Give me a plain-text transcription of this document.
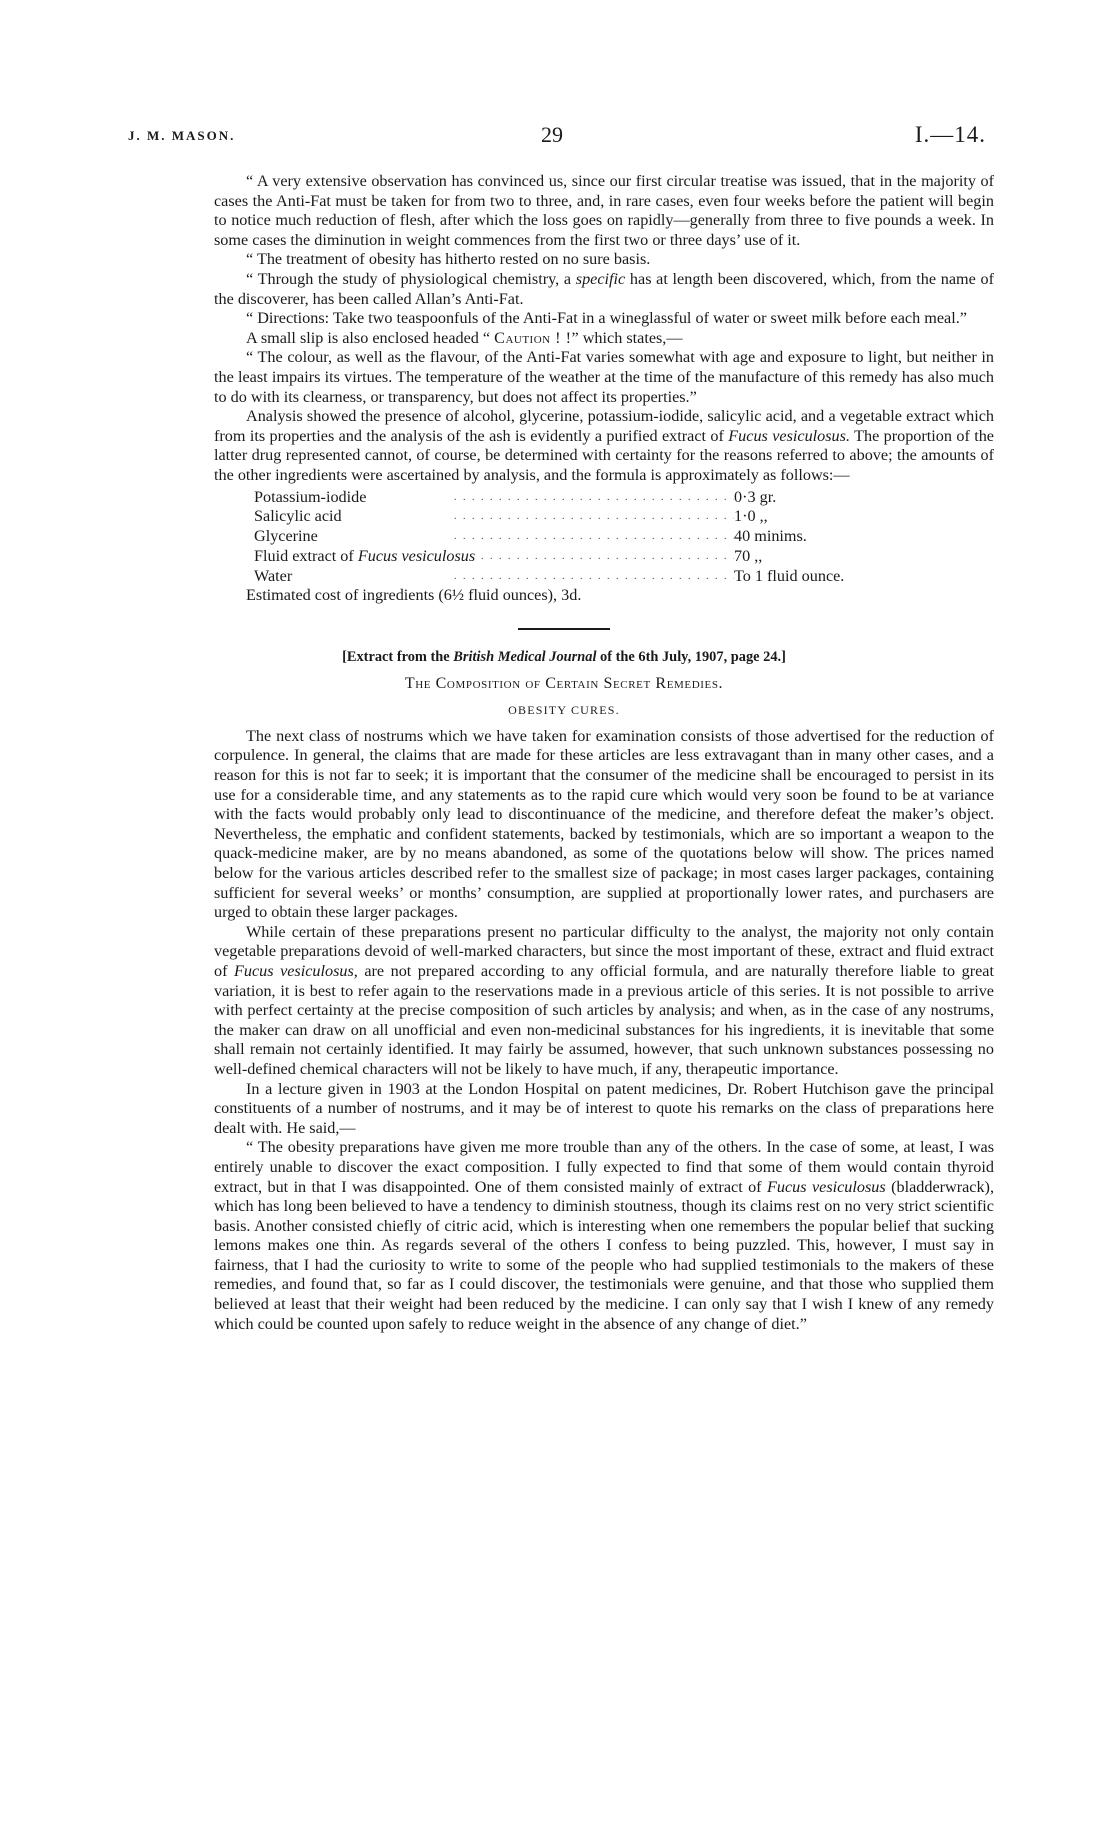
J. M. MASON.	29	I.—14.

“ A very extensive observation has convinced us, since our first circular treatise was issued, that in the majority of cases the Anti-Fat must be taken for from two to three, and, in rare cases, even four weeks before the patient will begin to notice much reduction of flesh, after which the loss goes on rapidly—generally from three to five pounds a week. In some cases the diminution in weight commences from the first two or three days’ use of it.

“ The treatment of obesity has hitherto rested on no sure basis.

“ Through the study of physiological chemistry, a specific has at length been discovered, which, from the name of the discoverer, has been called Allan’s Anti-Fat.

“ Directions: Take two teaspoonfuls of the Anti-Fat in a wineglassful of water or sweet milk before each meal.”

A small slip is also enclosed headed “ Caution ! !” which states,—

“ The colour, as well as the flavour, of the Anti-Fat varies somewhat with age and exposure to light, but neither in the least impairs its virtues. The temperature of the weather at the time of the manufacture of this remedy has also much to do with its clearness, or transparency, but does not affect its properties.”

Analysis showed the presence of alcohol, glycerine, potassium-iodide, salicylic acid, and a vegetable extract which from its properties and the analysis of the ash is evidently a purified extract of Fucus vesiculosus. The proportion of the latter drug represented cannot, of course, be determined with certainty for the reasons referred to above; the amounts of the other ingredients were ascertained by analysis, and the formula is approximately as follows:—

Potassium-iodide . . .	0·3 gr.
Salicylic acid . . .	1·0 ,,
Glycerine . . .	40 minims.
Fluid extract of Fucus vesiculosus . . .	70 ,,
Water . . .	To 1 fluid ounce.

Estimated cost of ingredients (6½ fluid ounces), 3d.

[Extract from the British Medical Journal of the 6th July, 1907, page 24.]
The Composition of Certain Secret Remedies.
OBESITY CURES.

The next class of nostrums which we have taken for examination consists of those advertised for the reduction of corpulence. In general, the claims that are made for these articles are less extravagant than in many other cases, and a reason for this is not far to seek; it is important that the consumer of the medicine shall be encouraged to persist in its use for a considerable time, and any statements as to the rapid cure which would very soon be found to be at variance with the facts would probably only lead to discontinuance of the medicine, and therefore defeat the maker’s object. Nevertheless, the emphatic and confident statements, backed by testimonials, which are so important a weapon to the quack-medicine maker, are by no means abandoned, as some of the quotations below will show. The prices named below for the various articles described refer to the smallest size of package; in most cases larger packages, containing sufficient for several weeks’ or months’ consumption, are supplied at proportionally lower rates, and purchasers are urged to obtain these larger packages.

While certain of these preparations present no particular difficulty to the analyst, the majority not only contain vegetable preparations devoid of well-marked characters, but since the most important of these, extract and fluid extract of Fucus vesiculosus, are not prepared according to any official formula, and are naturally therefore liable to great variation, it is best to refer again to the reservations made in a previous article of this series. It is not possible to arrive with perfect certainty at the precise composition of such articles by analysis; and when, as in the case of any nostrums, the maker can draw on all unofficial and even non-medicinal substances for his ingredients, it is inevitable that some shall remain not certainly identified. It may fairly be assumed, however, that such unknown substances possessing no well-defined chemical characters will not be likely to have much, if any, therapeutic importance.

In a lecture given in 1903 at the London Hospital on patent medicines, Dr. Robert Hutchison gave the principal constituents of a number of nostrums, and it may be of interest to quote his remarks on the class of preparations here dealt with. He said,—

“ The obesity preparations have given me more trouble than any of the others. In the case of some, at least, I was entirely unable to discover the exact composition. I fully expected to find that some of them would contain thyroid extract, but in that I was disappointed. One of them consisted mainly of extract of Fucus vesiculosus (bladderwrack), which has long been believed to have a tendency to diminish stoutness, though its claims rest on no very strict scientific basis. Another consisted chiefly of citric acid, which is interesting when one remembers the popular belief that sucking lemons makes one thin. As regards several of the others I confess to being puzzled. This, however, I must say in fairness, that I had the curiosity to write to some of the people who had supplied testimonials to the makers of these remedies, and found that, so far as I could discover, the testimonials were genuine, and that those who supplied them believed at least that their weight had been reduced by the medicine. I can only say that I wish I knew of any remedy which could be counted upon safely to reduce weight in the absence of any change of diet.”
